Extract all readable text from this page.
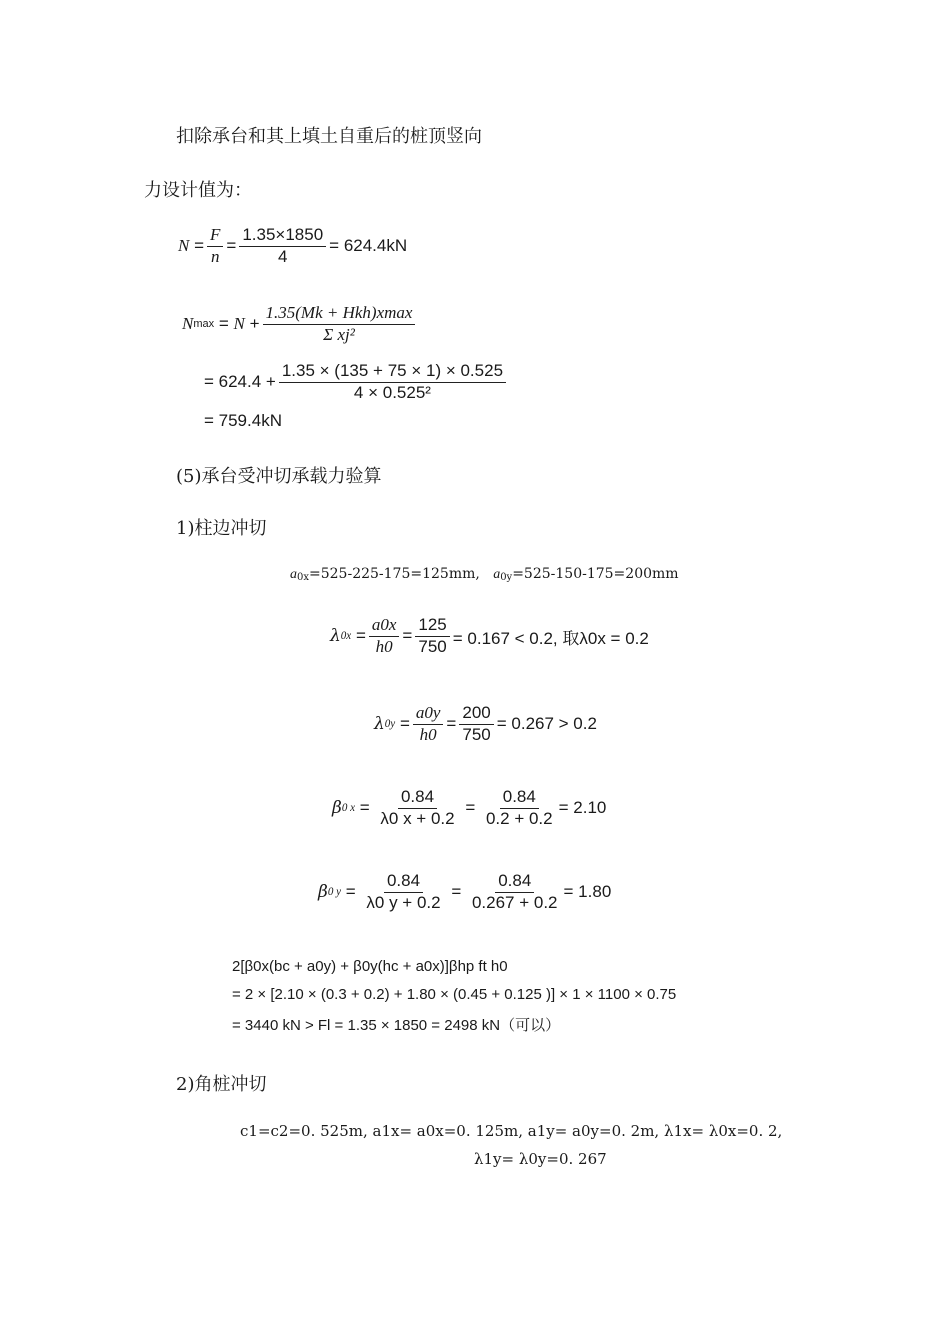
扣除承台和其上填土自重后的桩顶竖向
力设计值为：
$N = \frac{F}{n} = \frac{1.35\times 1850}{4} = 624.4kN$
N $\max = N + \frac{\text{1.35(Mk + Hkh)xmax}}{\text{Σ xj²}}$
= $624.4 + \frac{1.35 \times (135 + 75 \times 1) \times 0.525}{\text{4 × 0.525²}}$
= 759.4kN
(5)承台受冲切承载力验算
1)柱边冲切
a0x=525-225-175=125mm, a0y=525-150-175=200mm
λ $0x = \frac{a0x}{h0} = \frac{125}{750} = 0.167 < 0.2$, 取λ0x = 0.2
λ $0y = \frac{a0y}{h0} = \frac{200}{750} = 0.267 > 0.2$
β 0 $x = \frac{0.84}{\lambda 0 x + 0.2} = \frac{0.84}{0.2 + 0.2} = 2.10$
β 0 $y = \frac{0.84}{\lambda 0 y + 0.2} = \frac{0.84}{0.267 + 0.2} = 1.80$
2[β0x(bc + a0y) + β0y(hc + a0x)]βhp ft h0
= 2 × [2.10 × (0.3 + 0.2) + 1.80 × (0.45 + 0.125 )] × 1 × 1100 × 0.75
= 3440 kN > Fl = 1.35 × 1850 = 2498 kN（可以）
2)角桩冲切
c1=c2=0. 525m, a1x= a0x=0. 125m, a1y= a0y=0. 2m, λ1x= λ0x=0. 2,
λ1y= λ0y=0. 267
